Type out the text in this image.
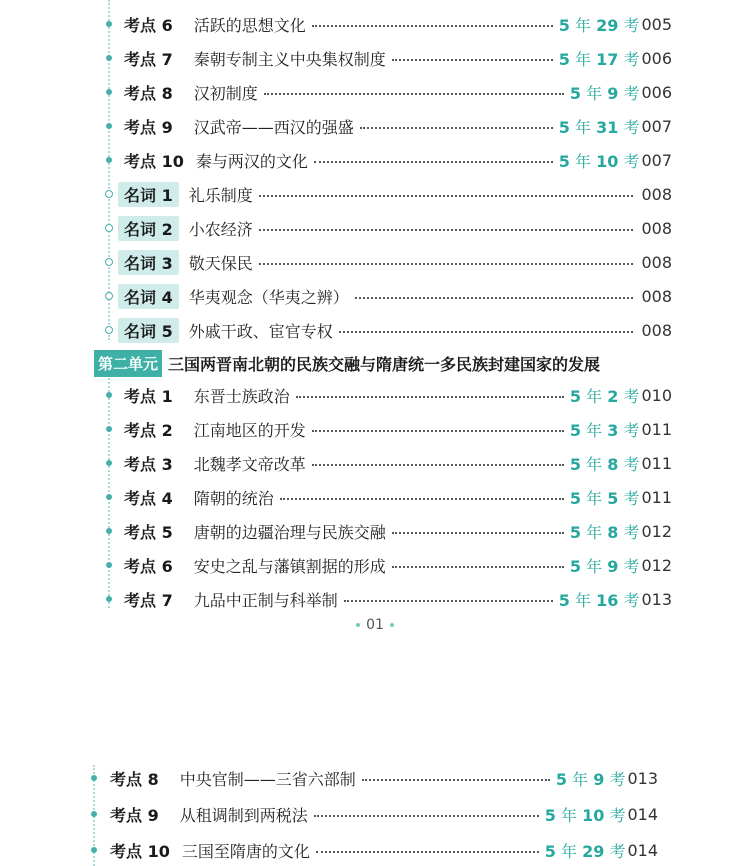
考点 6 活跃的思想文化	5 年 29 考 005
考点 7 秦朝专制主义中央集权制度	5 年 17 考 006
考点 8 汉初制度	5 年 9 考 006
考点 9 汉武帝——西汉的强盛	5 年 31 考 007
考点 10 秦与两汉的文化	5 年 10 考 007
名词 1	礼乐制度	008
名词 2	小农经济	008
名词 3	敬天保民	008
名词 4	华夷观念（华夷之辨）	008
名词 5	外戚干政、宦官专权	008
第二单元 三国两晋南北朝的民族交融与隋唐统一多民族封建国家的发展
考点 1 东晋士族政治	5 年 2 考 010
考点 2 江南地区的开发	5 年 3 考 011
考点 3 北魏孝文帝改革	5 年 8 考 011
考点 4 隋朝的统治	5 年 5 考 011
考点 5 唐朝的边疆治理与民族交融	5 年 8 考 012
考点 6 安史之乱与藩镇割据的形成	5 年 9 考 012
考点 7 九品中正制与科举制	5 年 16 考 013
01
考点 8 中央官制——三省六部制	5 年 9 考 013
考点 9 从租调制到两税法	5 年 10 考 014
考点 10 三国至隋唐的文化	5 年 29 考 014
